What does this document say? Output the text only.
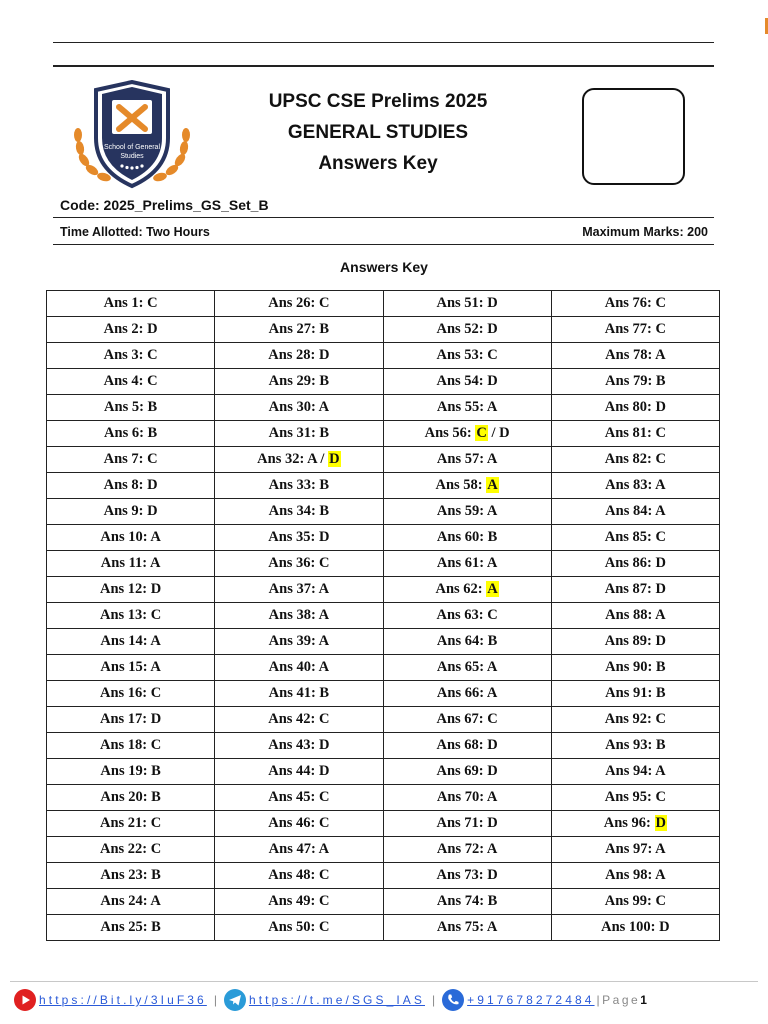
School of General
Studies
UPSC CSE Prelims 2025
GENERAL STUDIES
Answers Key
Code: 2025_Prelims_GS_Set_B
Time Allotted: Two Hours	Maximum Marks: 200
Answers Key
Ans 1: C	Ans 26: C	Ans 51: D	Ans 76: C
Ans 2: D	Ans 27: B	Ans 52: D	Ans 77: C
Ans 3: C	Ans 28: D	Ans 53: C	Ans 78: A
Ans 4: C	Ans 29: B	Ans 54: D	Ans 79: B
Ans 5: B	Ans 30: A	Ans 55: A	Ans 80: D
Ans 6: B	Ans 31: B	Ans 56: C / D	Ans 81: C
Ans 7: C	Ans 32: A / D	Ans 57: A	Ans 82: C
Ans 8: D	Ans 33: B	Ans 58: A	Ans 83: A
Ans 9: D	Ans 34: B	Ans 59: A	Ans 84: A
Ans 10: A	Ans 35: D	Ans 60: B	Ans 85: C
Ans 11: A	Ans 36: C	Ans 61: A	Ans 86: D
Ans 12: D	Ans 37: A	Ans 62: A	Ans 87: D
Ans 13: C	Ans 38: A	Ans 63: C	Ans 88: A
Ans 14: A	Ans 39: A	Ans 64: B	Ans 89: D
Ans 15: A	Ans 40: A	Ans 65: A	Ans 90: B
Ans 16: C	Ans 41: B	Ans 66: A	Ans 91: B
Ans 17: D	Ans 42: C	Ans 67: C	Ans 92: C
Ans 18: C	Ans 43: D	Ans 68: D	Ans 93: B
Ans 19: B	Ans 44: D	Ans 69: D	Ans 94: A
Ans 20: B	Ans 45: C	Ans 70: A	Ans 95: C
Ans 21: C	Ans 46: C	Ans 71: D	Ans 96: D
Ans 22: C	Ans 47: A	Ans 72: A	Ans 97: A
Ans 23: B	Ans 48: C	Ans 73: D	Ans 98: A
Ans 24: A	Ans 49: C	Ans 74: B	Ans 99: C
Ans 25: B	Ans 50: C	Ans 75: A	Ans 100: D
https://Bit.ly/3IuF36 |	https://t.me/SGS_IAS |	+917678272484 |Page 1
